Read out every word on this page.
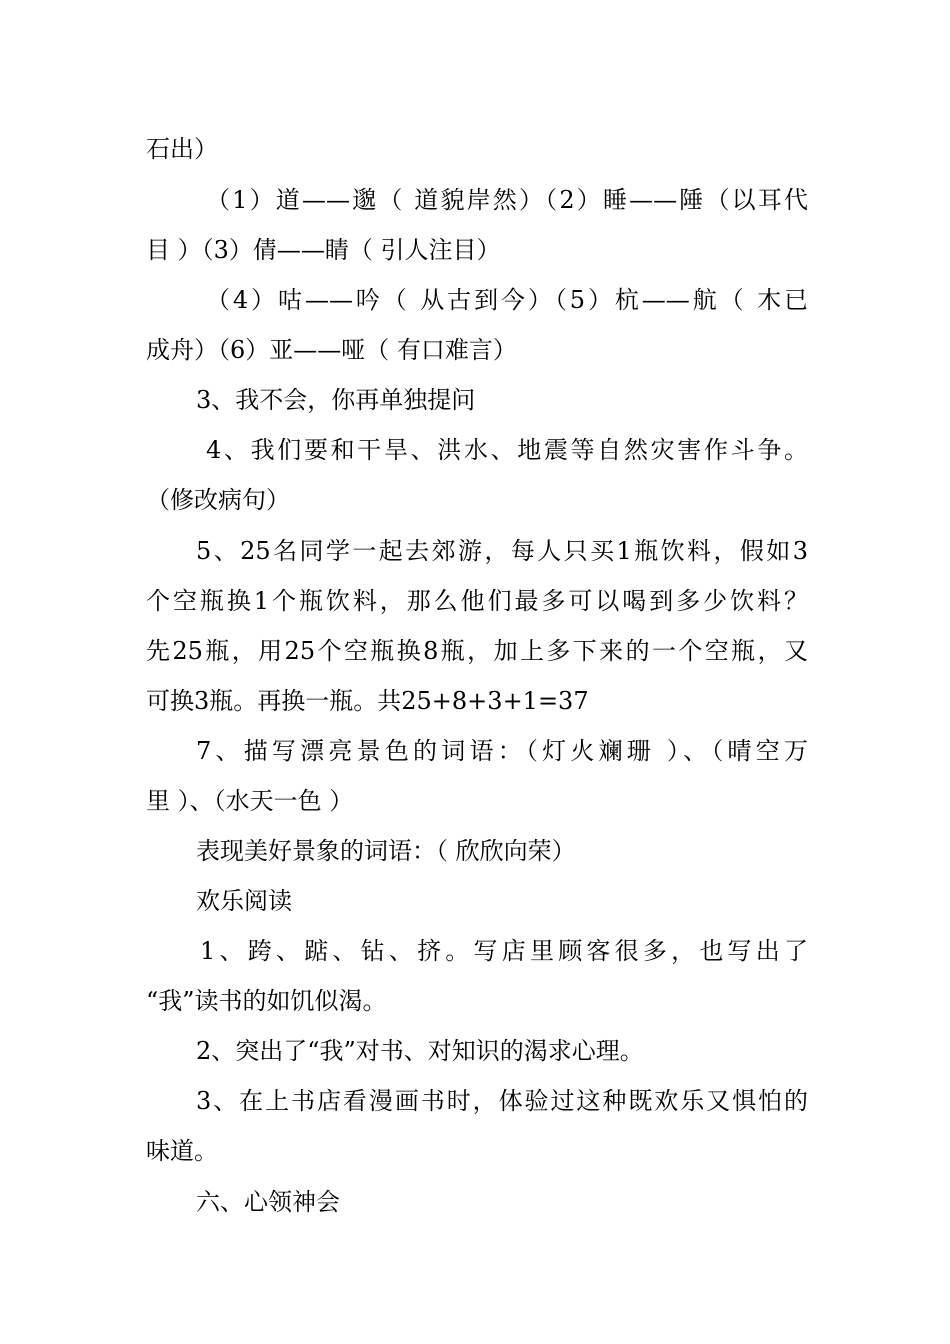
石出）
（1）道——邈（ 道貌岸然）（2）睡——陲（以耳代
目 ）（3）倩——睛（ 引人注目）
（4）咕——吟（ 从古到今）（5）杭——航（ 木已
成舟）（6）亚——哑（ 有口难言）
3、我不会，你再单独提问
4、我们要和干旱、洪水、地震等自然灾害作斗争。
（修改病句）
5、25名同学一起去郊游，每人只买1瓶饮料，假如3
个空瓶换1个瓶饮料，那么他们最多可以喝到多少饮料？
先25瓶，用25个空瓶换8瓶，加上多下来的一个空瓶，又
可换3瓶。再换一瓶。共25+8+3+1=37
7、描写漂亮景色的词语：（灯火斓珊 ）、（晴空万
里 ）、（水天一色 ）
表现美好景象的词语：（ 欣欣向荣）
欢乐阅读
1、跨、踮、钻、挤。写店里顾客很多，也写出了
“我”读书的如饥似渴。
2、突出了“我”对书、对知识的渴求心理。
3、在上书店看漫画书时，体验过这种既欢乐又惧怕的
味道。
六、心领神会
